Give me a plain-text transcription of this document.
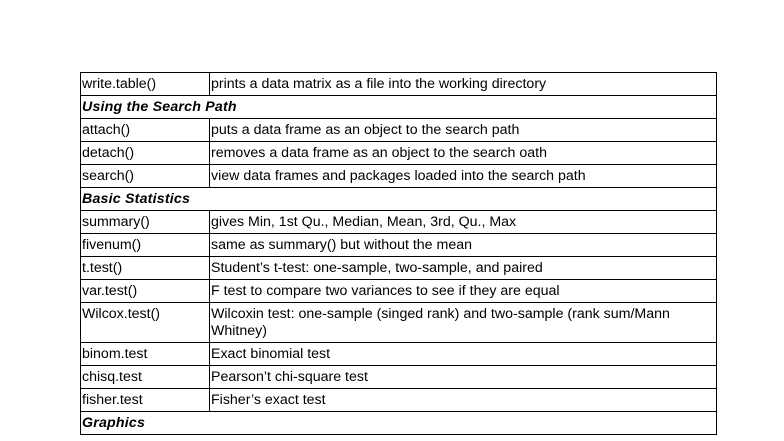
write.table()	prints a data matrix as a file into the working directory
Using the Search Path	
attach()	puts a data frame as an object to the search path
detach()	removes a data frame as an object to the search oath
search()	view data frames and packages loaded into the search path
Basic Statistics	
summary()	gives Min, 1st Qu., Median, Mean, 3rd, Qu., Max
fivenum()	same as summary() but without the mean
t.test()	Student’s t-test: one-sample, two-sample, and paired
var.test()	F test to compare two variances to see if they are equal
Wilcox.test()	Wilcoxin test: one-sample (singed rank) and two-sample (rank sum/Mann Whitney)
binom.test	Exact binomial test
chisq.test	Pearson’t chi-square test
fisher.test	Fisher’s exact test
Graphics	
